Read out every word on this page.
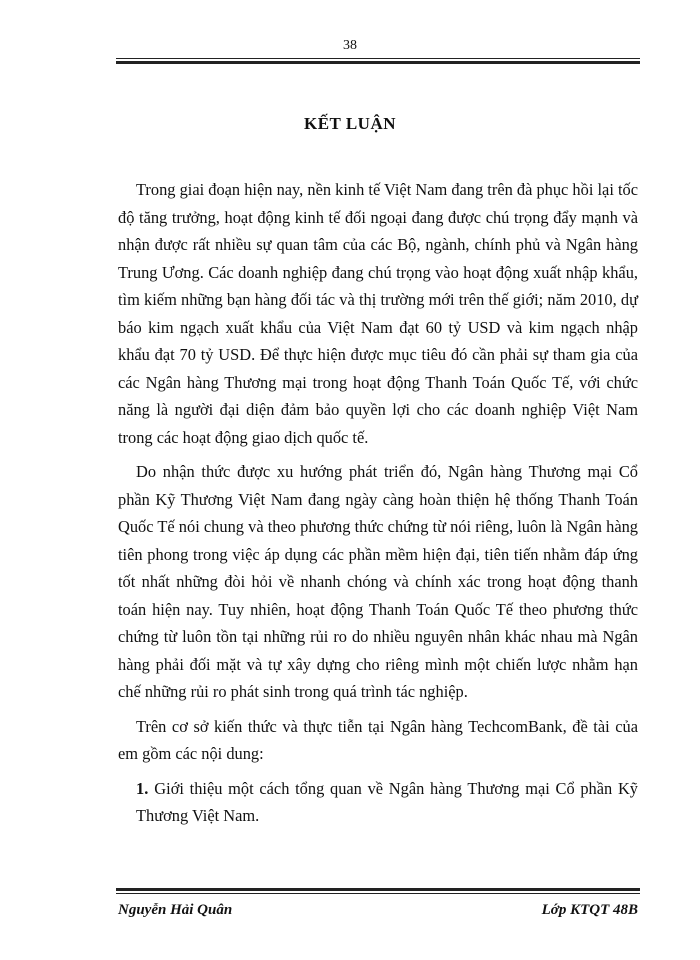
38
KẾT LUẬN

Trong giai đoạn hiện nay, nền kinh tế Việt Nam đang trên đà phục hồi lại tốc độ tăng trưởng, hoạt động kinh tế đối ngoại đang được chú trọng đẩy mạnh và nhận được rất nhiều sự quan tâm của các Bộ, ngành, chính phủ và Ngân hàng Trung Ương. Các doanh nghiệp đang chú trọng vào hoạt động xuất nhập khẩu, tìm kiếm những bạn hàng đối tác và thị trường mới trên thế giới; năm 2010, dự báo kim ngạch xuất khẩu của Việt Nam đạt 60 tỷ USD và kim ngạch nhập khẩu đạt 70 tỷ USD. Để thực hiện được mục tiêu đó cần phải sự tham gia của các Ngân hàng Thương mại trong hoạt động Thanh Toán Quốc Tế, với chức năng là người đại diện đảm bảo quyền lợi cho các doanh nghiệp Việt Nam trong các hoạt động giao dịch quốc tế.

Do nhận thức được xu hướng phát triển đó, Ngân hàng Thương mại Cổ phần Kỹ Thương Việt Nam đang ngày càng hoàn thiện hệ thống Thanh Toán Quốc Tế nói chung và theo phương thức chứng từ nói riêng, luôn là Ngân hàng tiên phong trong việc áp dụng các phần mềm hiện đại, tiên tiến nhằm đáp ứng tốt nhất những đòi hỏi về nhanh chóng và chính xác trong hoạt động thanh toán hiện nay. Tuy nhiên, hoạt động Thanh Toán Quốc Tế theo phương thức chứng từ luôn tồn tại những rủi ro do nhiều nguyên nhân khác nhau mà Ngân hàng phải đối mặt và tự xây dựng cho riêng mình một chiến lược nhằm hạn chế những rủi ro phát sinh trong quá trình tác nghiệp.

Trên cơ sở kiến thức và thực tiễn tại Ngân hàng TechcomBank, đề tài của em gồm các nội dung:

1. Giới thiệu một cách tổng quan về Ngân hàng Thương mại Cổ phần Kỹ Thương Việt Nam.

Nguyễn Hải Quân	Lớp KTQT 48B
